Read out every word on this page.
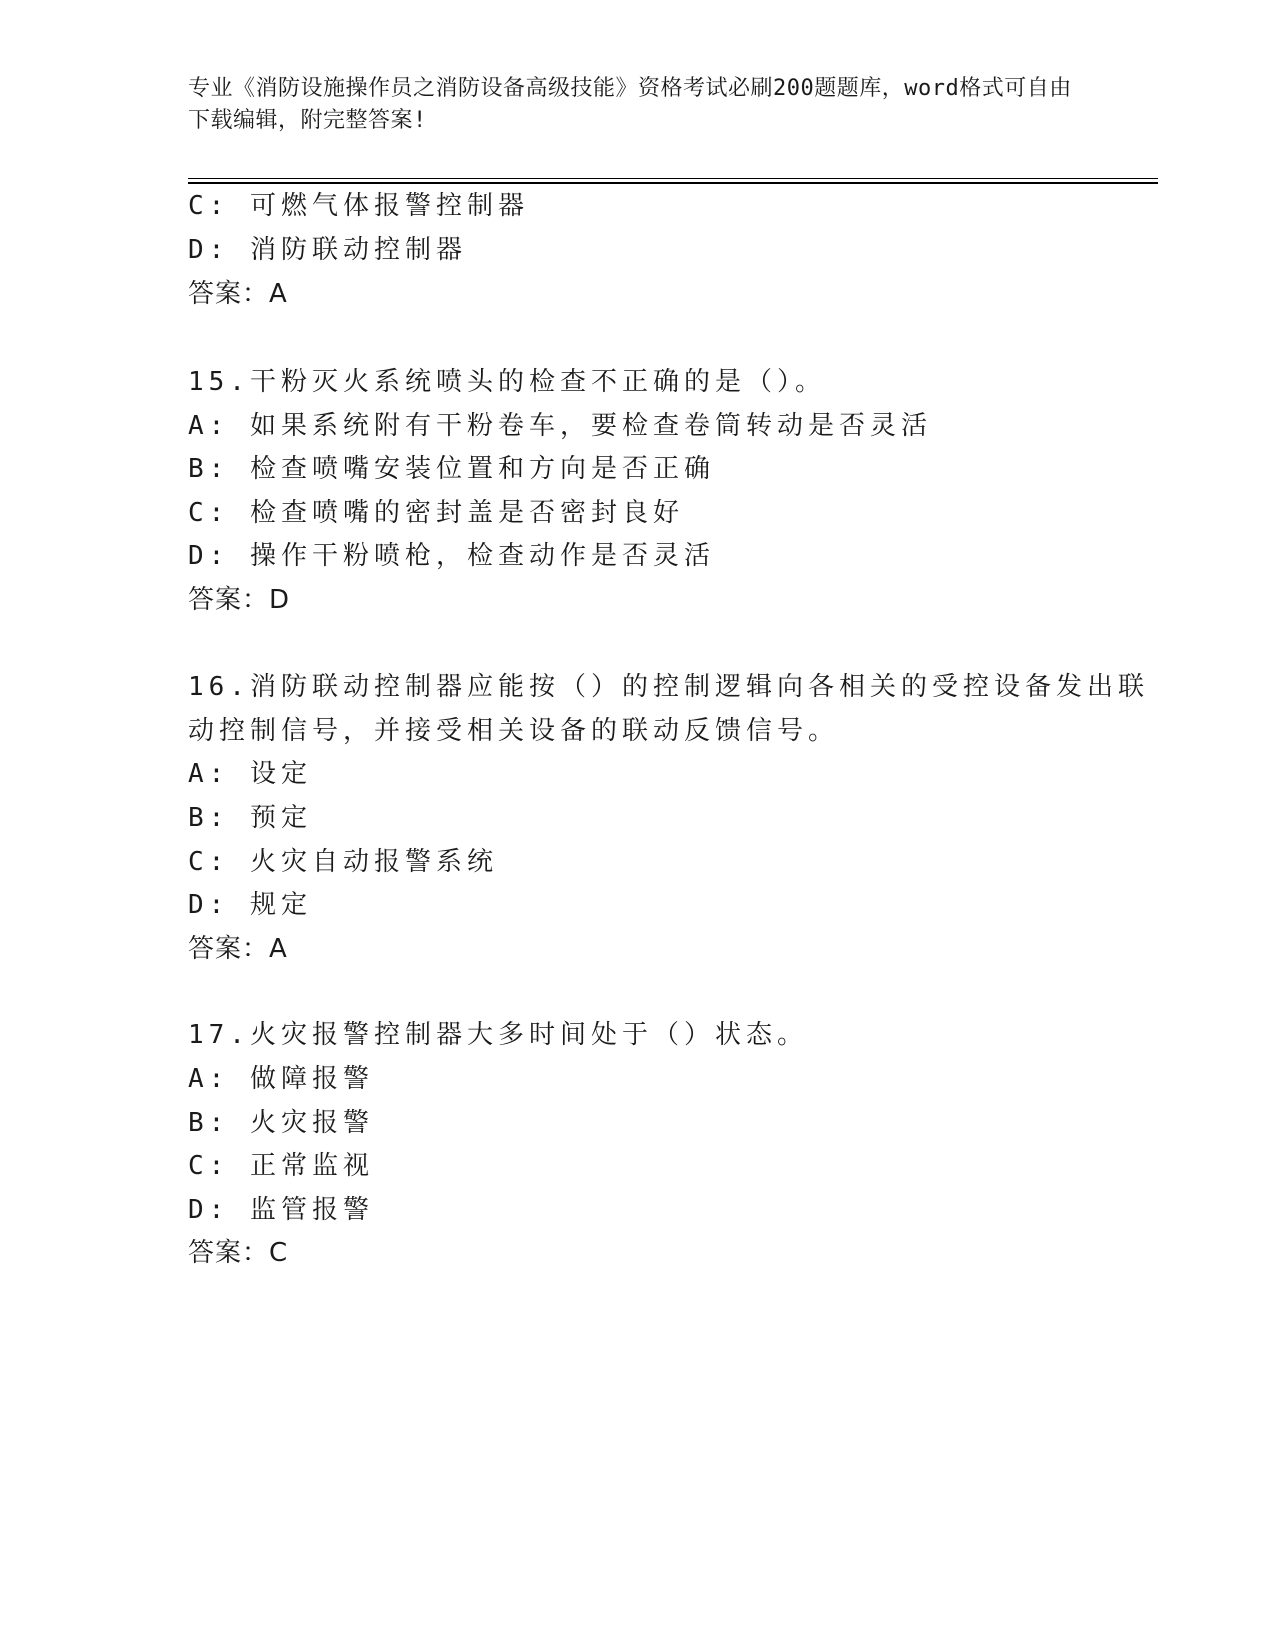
专业《消防设施操作员之消防设备高级技能》资格考试必刷200题题库，word格式可自由下载编辑，附完整答案!
C: 可燃气体报警控制器
D: 消防联动控制器
答案：A
15.干粉灭火系统喷头的检查不正确的是（）。
A: 如果系统附有干粉卷车，要检查卷筒转动是否灵活
B: 检查喷嘴安装位置和方向是否正确
C: 检查喷嘴的密封盖是否密封良好
D: 操作干粉喷枪，检查动作是否灵活
答案：D
16.消防联动控制器应能按（）的控制逻辑向各相关的受控设备发出联
动控制信号，并接受相关设备的联动反馈信号。
A: 设定
B: 预定
C: 火灾自动报警系统
D: 规定
答案：A
17.火灾报警控制器大多时间处于（）状态。
A: 做障报警
B: 火灾报警
C: 正常监视
D: 监管报警
答案：C
